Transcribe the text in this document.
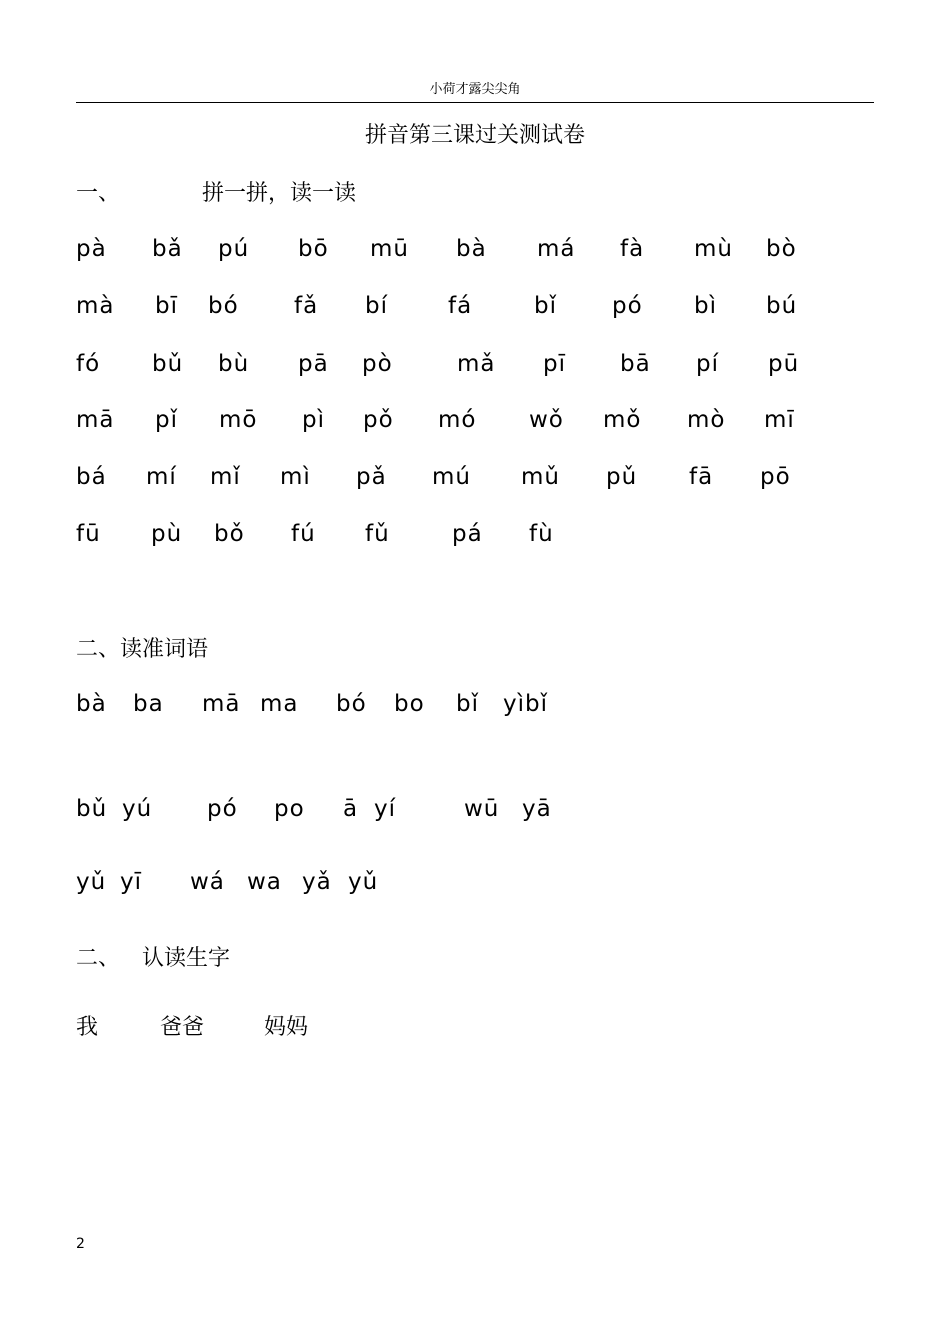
小荷才露尖尖角
拼音第三课过关测试卷
一、	拼一拼，读一读
pà bǎ pú bō mū bà má fà mù bò
mà bī bó fǎ bí	fá	bǐ pó bì bú
fó bǔ bù pā pò	mǎ pī bā pí pū
mā pǐ mō pì pǒ mó wǒ mǒ mò mī
bá mí mǐ mì pǎ mú mǔ pǔ fā pō
fū pù bǒ fú fǔ	pá fù
二、读准词语
bà ba mā ma bó bo bǐ yìbǐ
bǔ yú pó po ā yí	wū yā
yǔ yī wá wa yǎ yǔ
二、 认读生字
我	爸爸	妈妈
2
